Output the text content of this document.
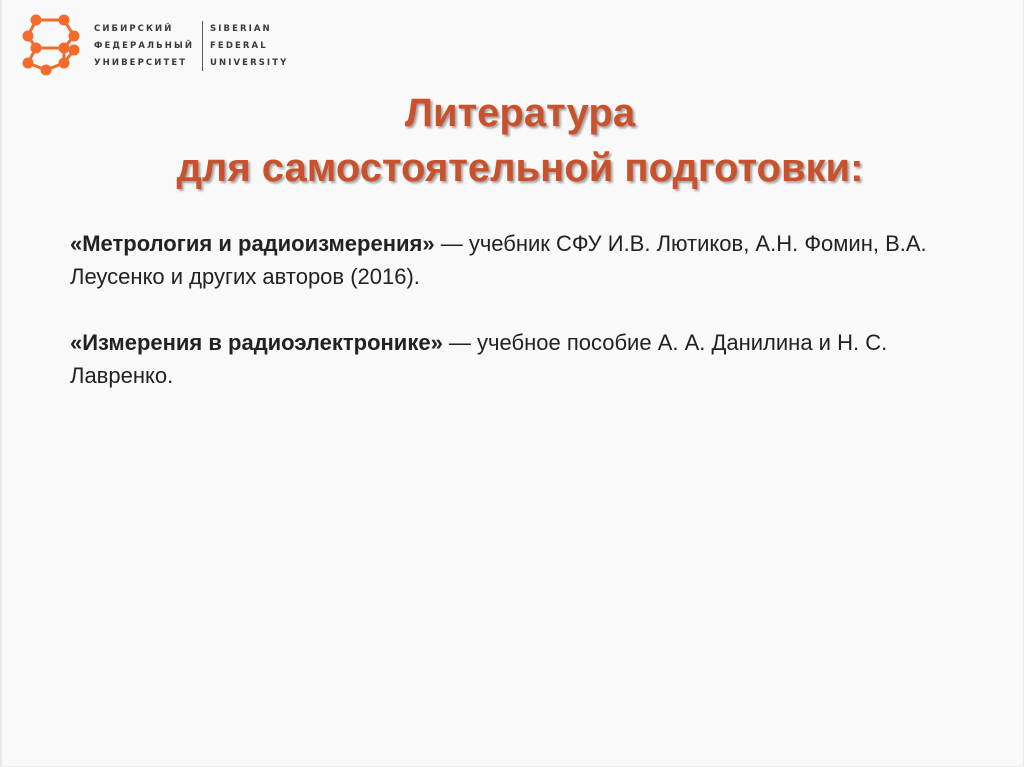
СИБИРСКИЙ
ФЕДЕРАЛЬНЫЙ
УНИВЕРСИТЕТ
SIBERIAN
FEDERAL
UNIVERSITY
Литература
для самостоятельной подготовки:

«Метрология и радиоизмерения» — учебник СФУ И.В. Лютиков, А.Н. Фомин, В.А. Леусенко и других авторов (2016).

«Измерения в радиоэлектронике» — учебное пособие А. А. Данилина и Н. С. Лавренко.
